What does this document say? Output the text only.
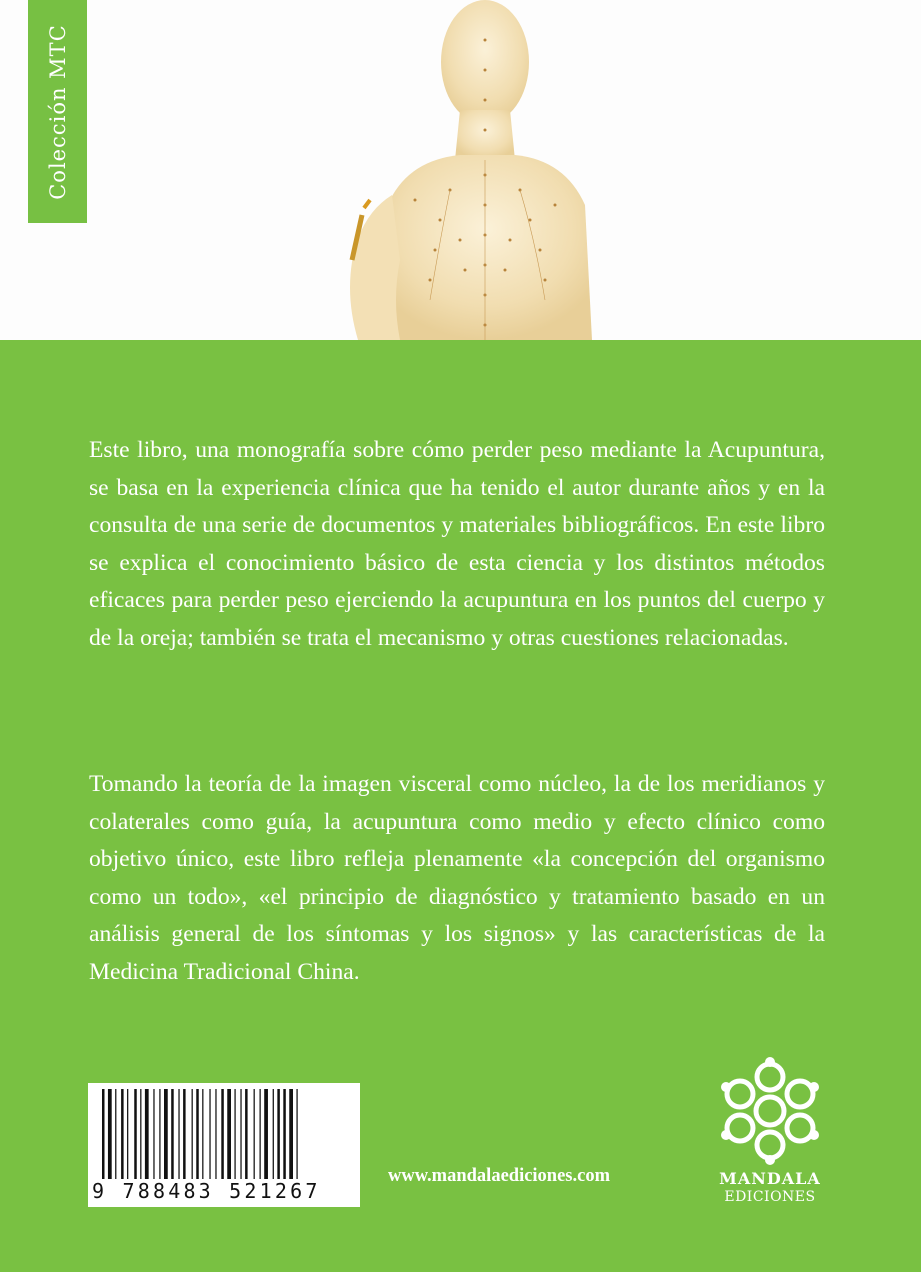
Colección MTC

Este libro, una monografía sobre cómo perder peso mediante la Acupuntura, se basa en la experiencia clínica que ha tenido el autor durante años y en la consulta de una serie de documentos y materiales bibliográficos. En este libro se explica el conocimiento básico de esta ciencia y los distintos métodos eficaces para perder peso ejerciendo la acupuntura en los puntos del cuerpo y de la oreja; también se trata el mecanismo y otras cuestiones relacionadas.

Tomando la teoría de la imagen visceral como núcleo, la de los meridianos y colaterales como guía, la acupuntura como medio y efecto clínico como objetivo único, este libro refleja plenamente «la concepción del organismo como un todo», «el principio de diagnóstico y tratamiento basado en un análisis general de los síntomas y los signos» y las características de la Medicina Tradicional China.

9 788483 521267
www.mandalaediciones.com	MANDALA
EDICIONES
